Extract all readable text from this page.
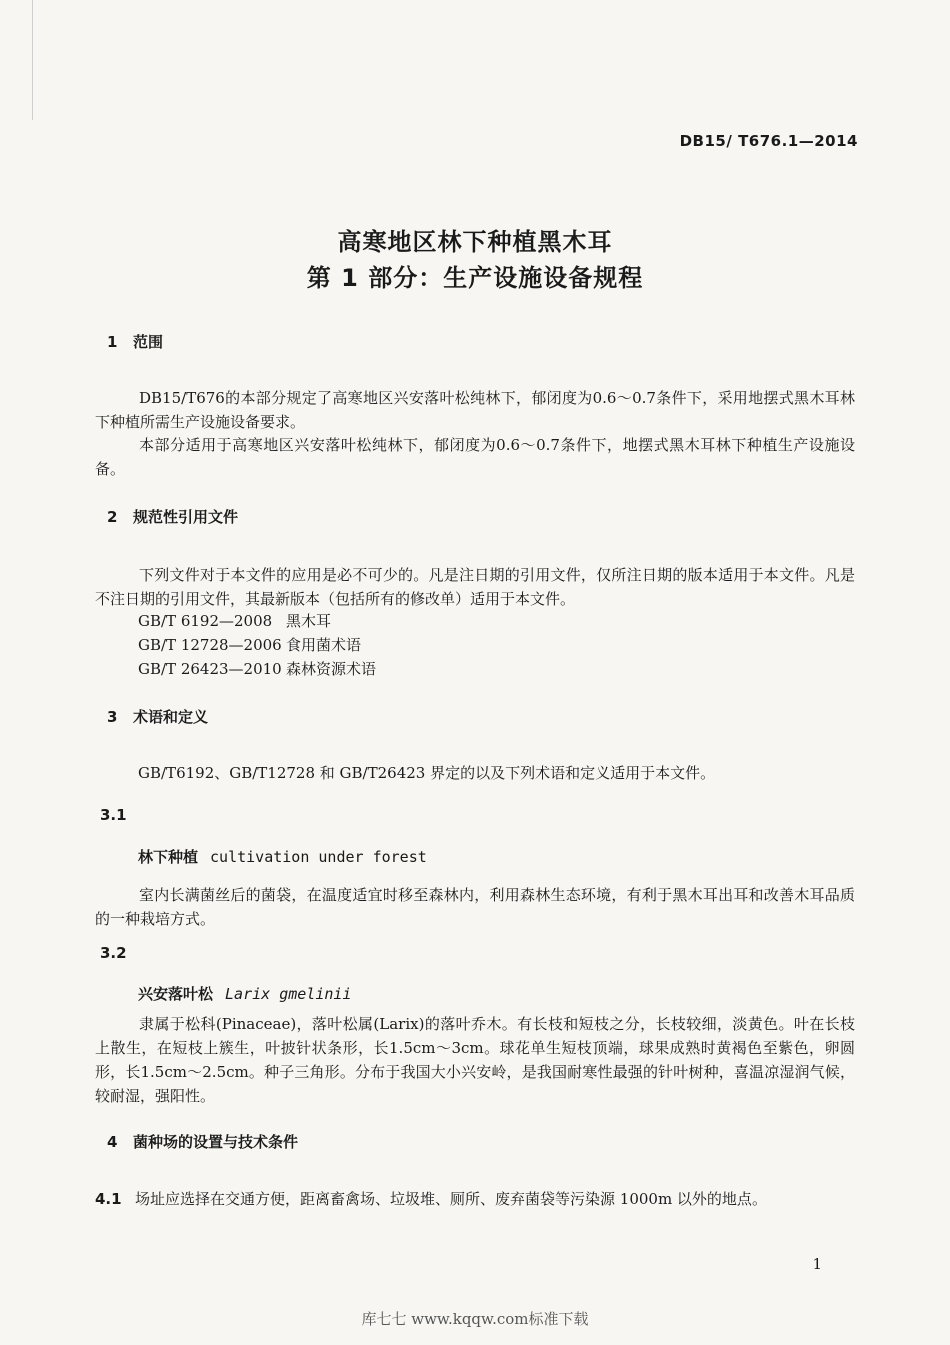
DB15/ T676.1—2014
高寒地区林下种植黑木耳
第 1 部分：生产设施设备规程
1 范围
DB15/T676的本部分规定了高寒地区兴安落叶松纯林下，郁闭度为0.6～0.7条件下，采用地摆式黑木耳林下种植所需生产设施设备要求。
本部分适用于高寒地区兴安落叶松纯林下，郁闭度为0.6～0.7条件下，地摆式黑木耳林下种植生产设施设备。
2 规范性引用文件
下列文件对于本文件的应用是必不可少的。凡是注日期的引用文件，仅所注日期的版本适用于本文件。凡是不注日期的引用文件，其最新版本（包括所有的修改单）适用于本文件。
GB/T 6192—2008 黑木耳
GB/T 12728—2006 食用菌术语
GB/T 26423—2010 森林资源术语
3 术语和定义
GB/T6192、GB/T12728 和 GB/T26423 界定的以及下列术语和定义适用于本文件。
3.1
林下种植 cultivation under forest
室内长满菌丝后的菌袋，在温度适宜时移至森林内，利用森林生态环境，有利于黑木耳出耳和改善木耳品质的一种栽培方式。
3.2
兴安落叶松 Larix gmelinii
隶属于松科(Pinaceae)，落叶松属(Larix)的落叶乔木。有长枝和短枝之分，长枝较细，淡黄色。叶在长枝上散生，在短枝上簇生，叶披针状条形，长1.5cm～3cm。球花单生短枝顶端，球果成熟时黄褐色至紫色，卵圆形，长1.5cm～2.5cm。种子三角形。分布于我国大小兴安岭，是我国耐寒性最强的针叶树种，喜温凉湿润气候，较耐湿，强阳性。
4 菌种场的设置与技术条件
4.1 场址应选择在交通方便，距离畜禽场、垃圾堆、厕所、废弃菌袋等污染源 1000m 以外的地点。
1
库七七 www.kqqw.com标准下载
